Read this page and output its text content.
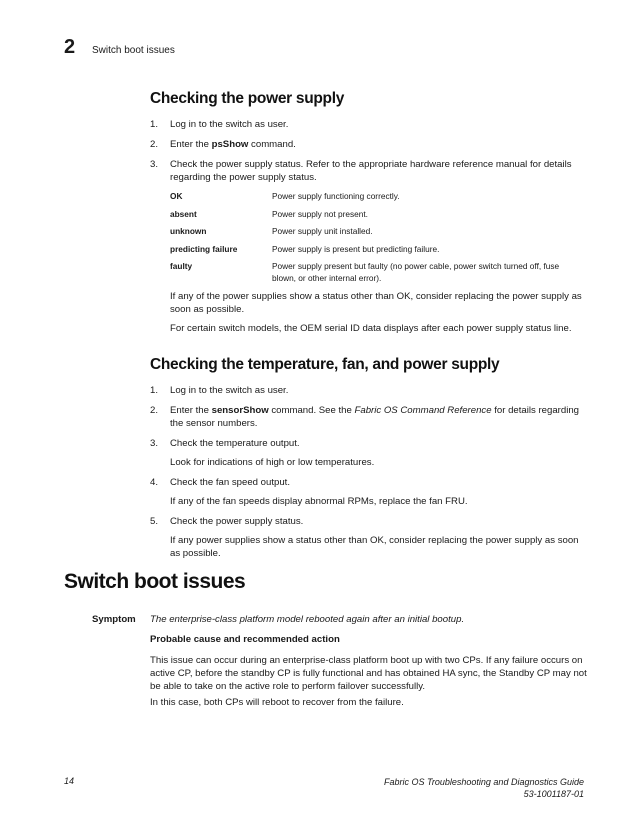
2	Switch boot issues
Checking the power supply
1. Log in to the switch as user.

2. Enter the psShow command.

3. Check the power supply status. Refer to the appropriate hardware reference manual for details regarding the power supply status.

OK	Power supply functioning correctly.
absent	Power supply not present.
unknown	Power supply unit installed.
predicting failure	Power supply is present but predicting failure.
faulty	Power supply present but faulty (no power cable, power switch turned off, fuse blown, or other internal error).

If any of the power supplies show a status other than OK, consider replacing the power supply as soon as possible.

For certain switch models, the OEM serial ID data displays after each power supply status line.

Checking the temperature, fan, and power supply
1. Log in to the switch as user.

2. Enter the sensorShow command. See the Fabric OS Command Reference for details regarding the sensor numbers.

3. Check the temperature output.

Look for indications of high or low temperatures.

4. Check the fan speed output.

If any of the fan speeds display abnormal RPMs, replace the fan FRU.

5. Check the power supply status.

If any power supplies show a status other than OK, consider replacing the power supply as soon as possible.

Switch boot issues
Symptom The enterprise-class platform model rebooted again after an initial bootup.
Probable cause and recommended action

This issue can occur during an enterprise-class platform boot up with two CPs. If any failure occurs on active CP, before the standby CP is fully functional and has obtained HA sync, the Standby CP may not be able to take on the active role to perform failover successfully.

In this case, both CPs will reboot to recover from the failure.

14	Fabric OS Troubleshooting and Diagnostics Guide
53-1001187-01
